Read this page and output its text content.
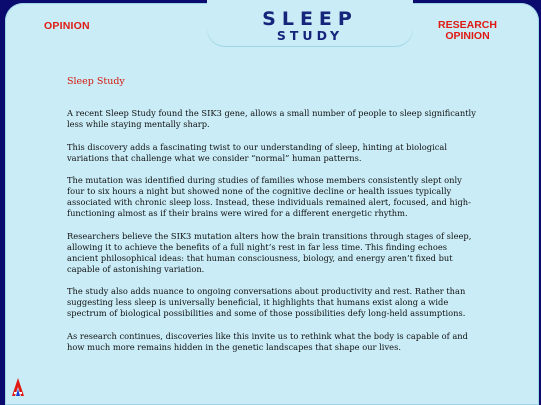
OPINION	SLEEP
STUDY
RESEARCH
OPINION
Sleep Study

A recent Sleep Study found the SIK3 gene, allows a small number of people to sleep significantly less while staying mentally sharp.

This discovery adds a fascinating twist to our understanding of sleep, hinting at biological variations that challenge what we consider “normal” human patterns.

The mutation was identified during studies of families whose members consistently slept only four to six hours a night but showed none of the cognitive decline or health issues typically associated with chronic sleep loss. Instead, these individuals remained alert, focused, and high-functioning almost as if their brains were wired for a different energetic rhythm.

Researchers believe the SIK3 mutation alters how the brain transitions through stages of sleep, allowing it to achieve the benefits of a full night’s rest in far less time. This finding echoes ancient philosophical ideas: that human consciousness, biology, and energy aren’t fixed but capable of astonishing variation.

The study also adds nuance to ongoing conversations about productivity and rest. Rather than suggesting less sleep is universally beneficial, it highlights that humans exist along a wide spectrum of biological possibilities and some of those possibilities defy long-held assumptions.

As research continues, discoveries like this invite us to rethink what the body is capable of and how much more remains hidden in the genetic landscapes that shape our lives.
